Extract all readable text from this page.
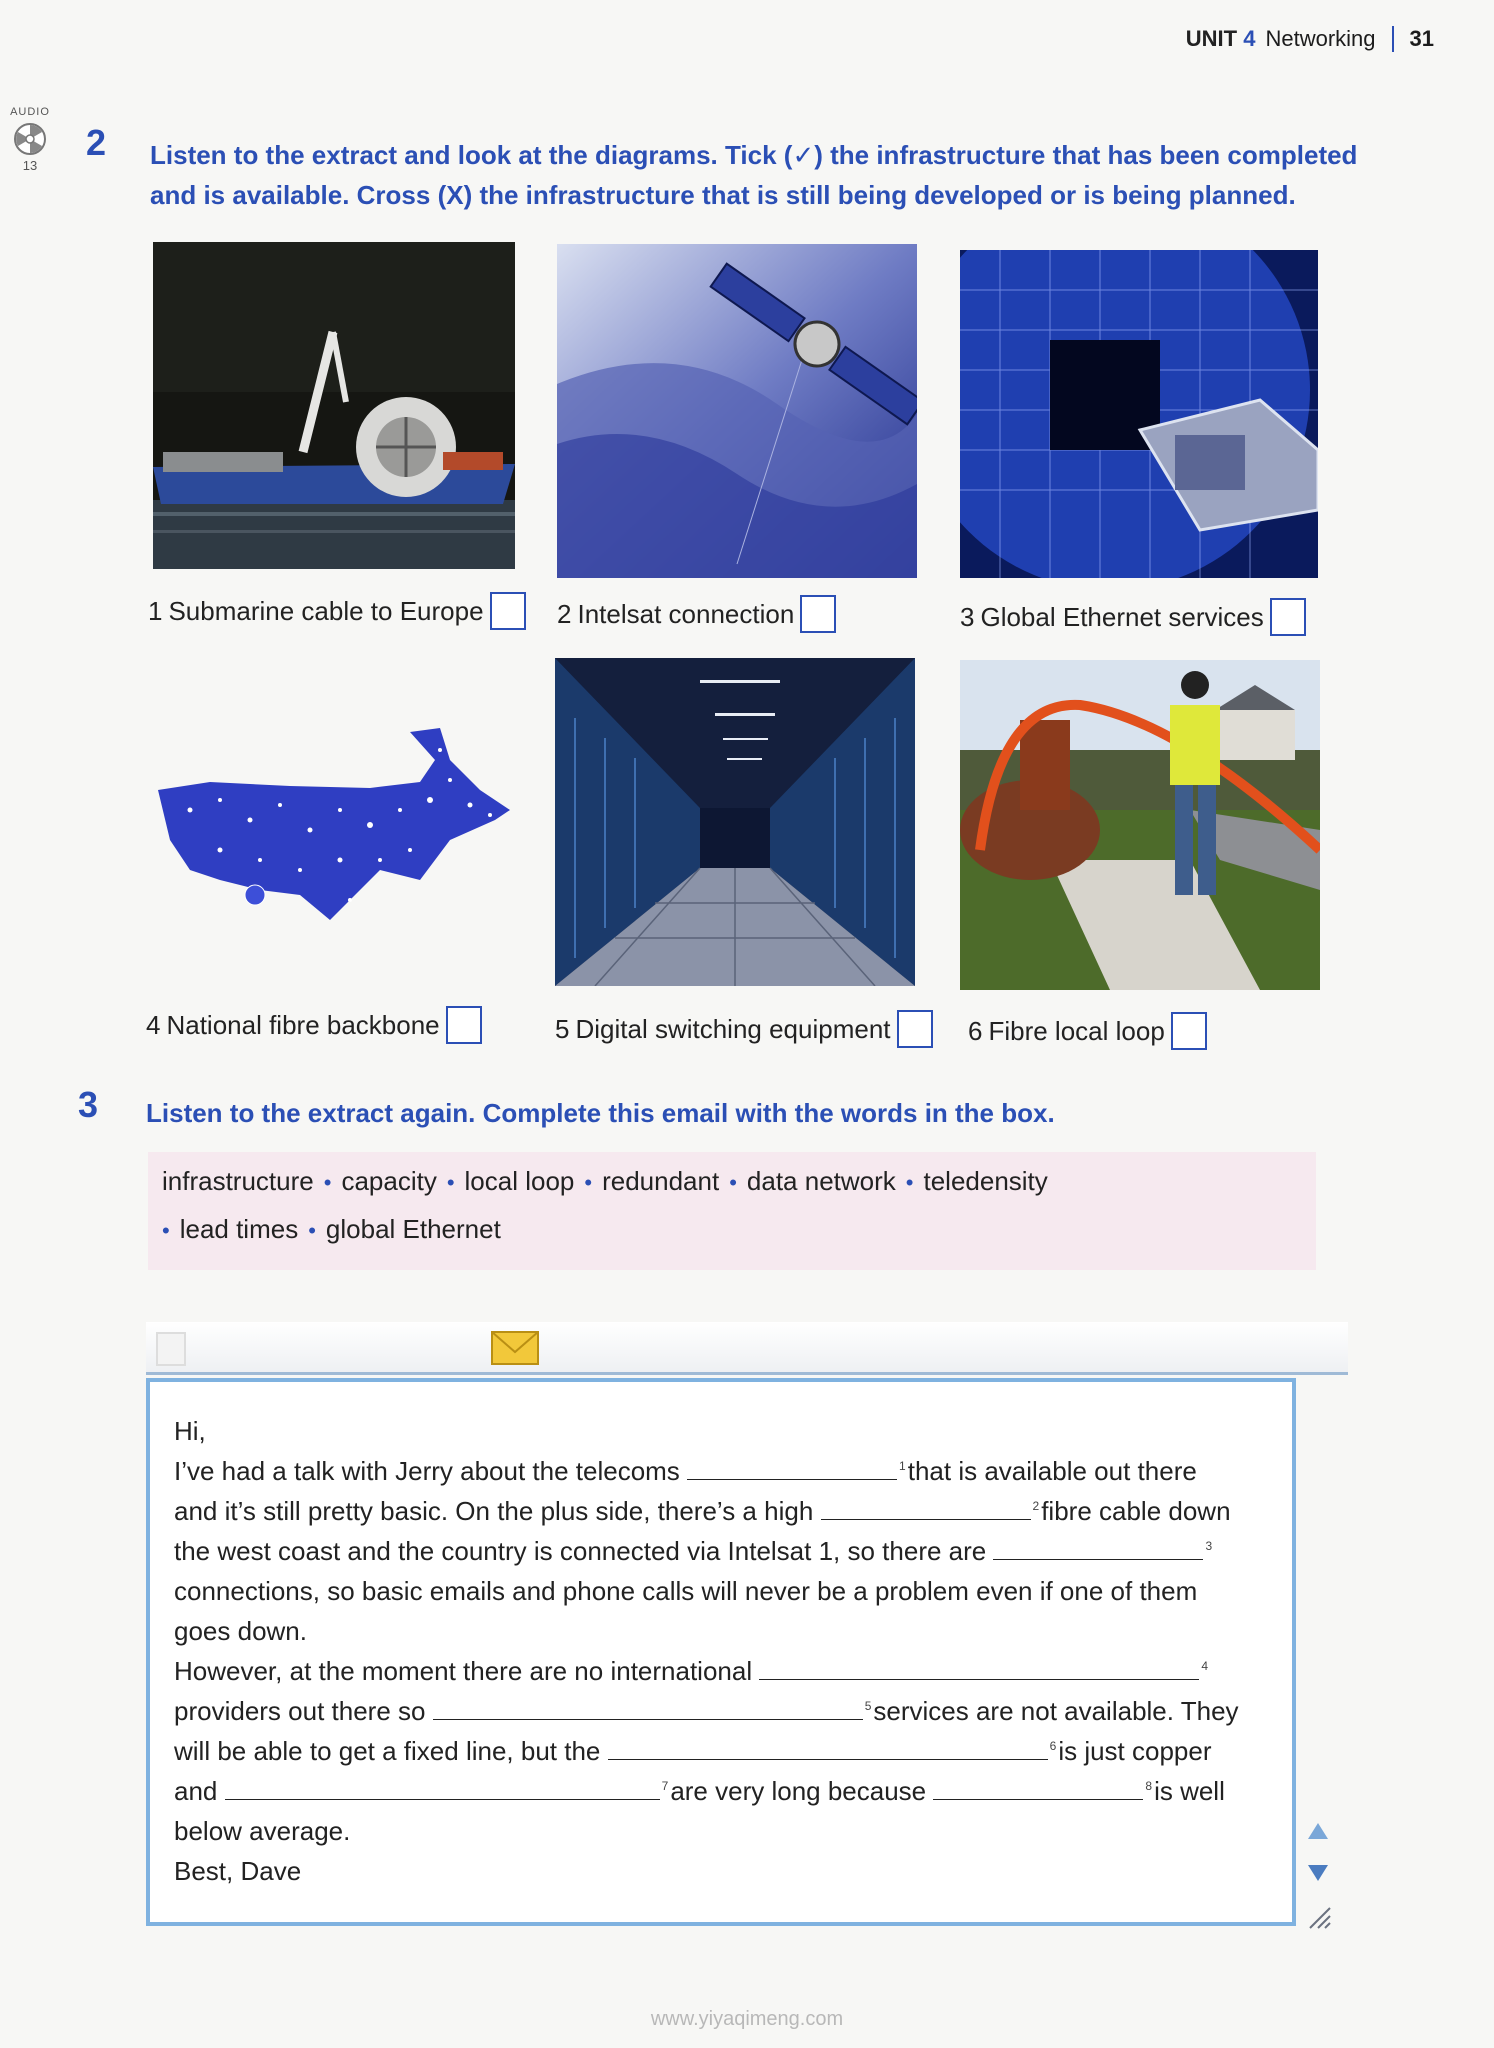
UNIT 4 Networking 31
AUDIO
13
2 Listen to the extract and look at the diagrams. Tick (✓) the infrastructure that has been completed
and is available. Cross (X) the infrastructure that is still being developed or is being planned.
1 Submarine cable to Europe	2 Intelsat connection	3 Global Ethernet services
4 National fibre backbone	5 Digital switching equipment	6 Fibre local loop
3 Listen to the extract again. Complete this email with the words in the box.
infrastructure • capacity • local loop • redundant • data network • teledensity
• lead times • global Ethernet
Hi,
I’ve had a talk with Jerry about the telecoms	$^1$that is available out there
and it’s still pretty basic. On the plus side, there’s a high	$^2$fibre cable down
the west coast and the country is connected via Intelsat 1, so there are	$^3$
connections, so basic emails and phone calls will never be a problem even if one of them
goes down.
However, at the moment there are no international	$^4$
providers out there so	$^5$services are not available. They
will be able to get a fixed line, but the	$^6$is just copper
and	$^7$are very long because	$^8$is well
below average.
Best, Dave
www.yiyaqimeng.com
